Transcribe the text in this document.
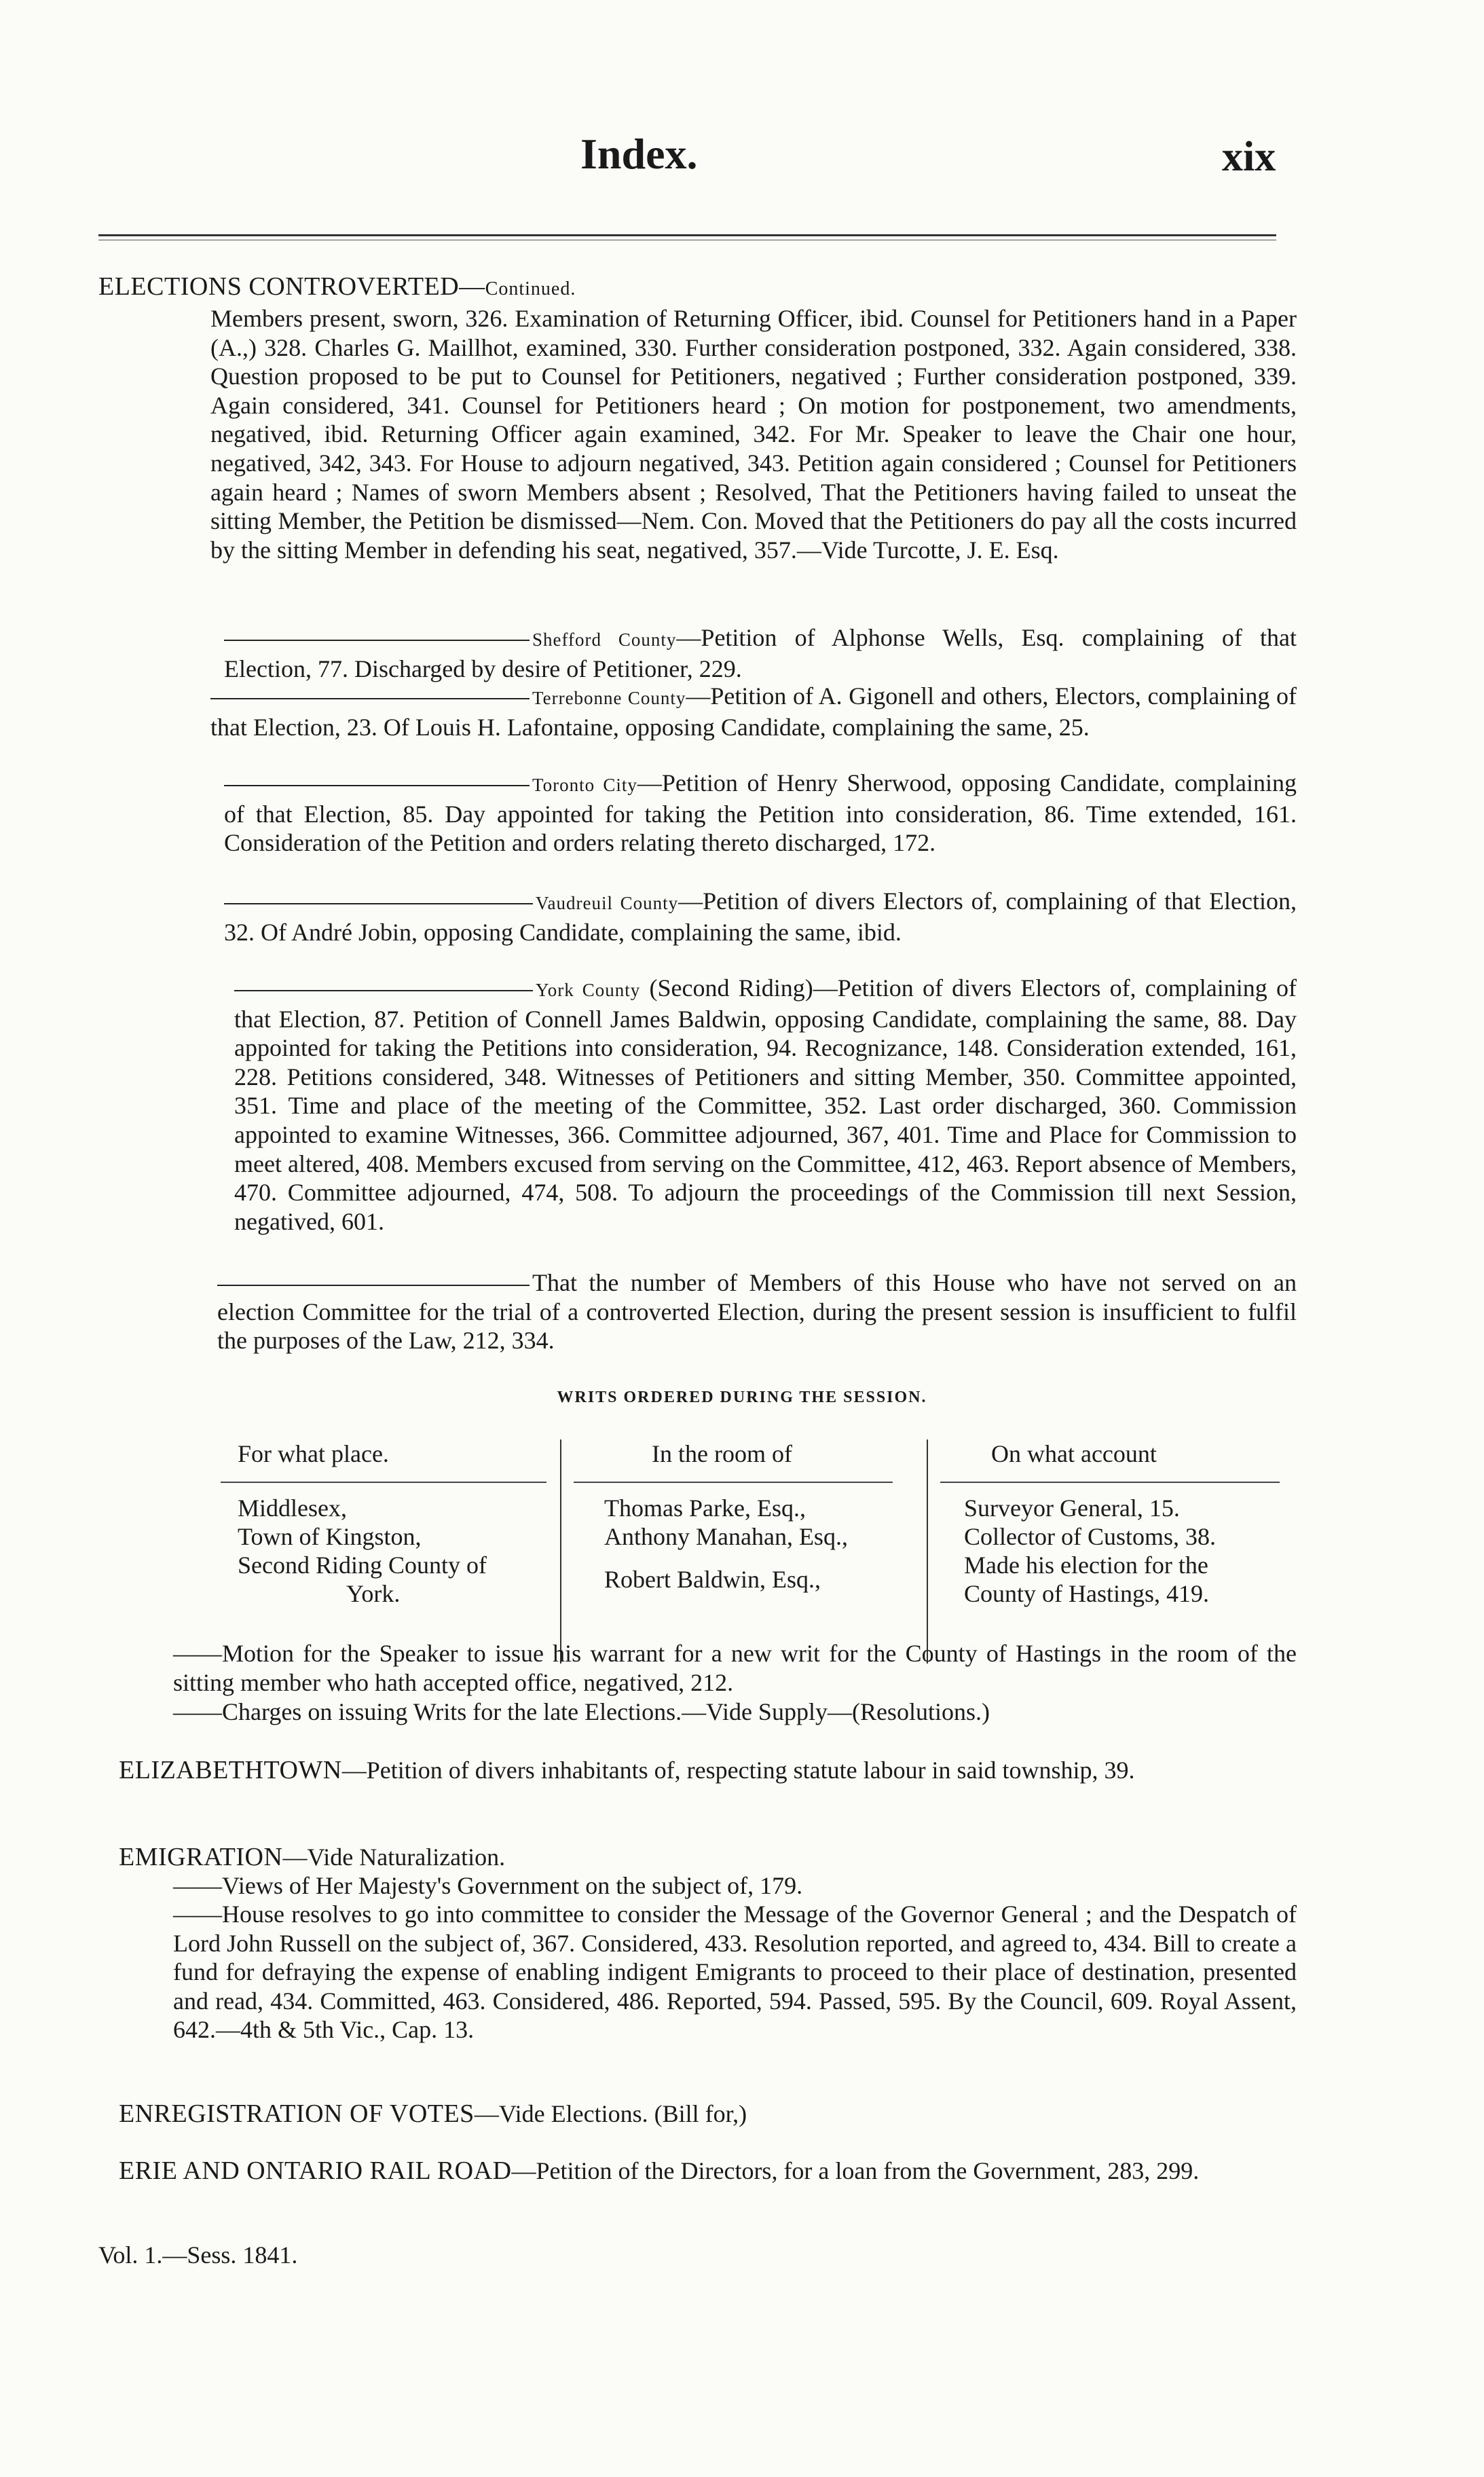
Index.	xix
ELECTIONS CONTROVERTED—Continued.
Members present, sworn, 326. Examination of Returning Officer, ibid. Counsel for Petitioners hand in a Paper (A.,) 328. Charles G. Maillhot, examined, 330. Further consideration postponed, 332. Again considered, 338. Question proposed to be put to Counsel for Petitioners, negatived ; Further consideration postponed, 339. Again considered, 341. Counsel for Petitioners heard ; On motion for postponement, two amendments, negatived, ibid. Returning Officer again examined, 342. For Mr. Speaker to leave the Chair one hour, negatived, 342, 343. For House to adjourn negatived, 343. Petition again considered ; Counsel for Petitioners again heard ; Names of sworn Members absent ; Resolved, That the Petitioners having failed to unseat the sitting Member, the Petition be dismissed—Nem. Con. Moved that the Petitioners do pay all the costs incurred by the sitting Member in defending his seat, negatived, 357.—Vide Turcotte, J. E. Esq.
Shefford County—Petition of Alphonse Wells, Esq. complaining of that Election, 77. Discharged by desire of Petitioner, 229.
Terrebonne County—Petition of A. Gigonell and others, Electors, complaining of that Election, 23. Of Louis H. Lafontaine, opposing Candidate, complaining the same, 25.
Toronto City—Petition of Henry Sherwood, opposing Candidate, complaining of that Election, 85. Day appointed for taking the Petition into consideration, 86. Time extended, 161. Consideration of the Petition and orders relating thereto discharged, 172.
Vaudreuil County—Petition of divers Electors of, complaining of that Election, 32. Of André Jobin, opposing Candidate, complaining the same, ibid.
York County (Second Riding)—Petition of divers Electors of, complaining of that Election, 87. Petition of Connell James Baldwin, opposing Candidate, complaining the same, 88. Day appointed for taking the Petitions into consideration, 94. Recognizance, 148. Consideration extended, 161, 228. Petitions considered, 348. Witnesses of Petitioners and sitting Member, 350. Committee appointed, 351. Time and place of the meeting of the Committee, 352. Last order discharged, 360. Commission appointed to examine Witnesses, 366. Committee adjourned, 367, 401. Time and Place for Commission to meet altered, 408. Members excused from serving on the Committee, 412, 463. Report absence of Members, 470. Committee adjourned, 474, 508. To adjourn the proceedings of the Commission till next Session, negatived, 601.
That the number of Members of this House who have not served on an election Committee for the trial of a controverted Election, during the present session is insufficient to fulfil the purposes of the Law, 212, 334.
WRITS ORDERED DURING THE SESSION.
For what place.
Middlesex,
Town of Kingston,
Second Riding County of
York.
In the room of
Thomas Parke, Esq.,
Anthony Manahan, Esq.,
Robert Baldwin, Esq.,
On what account
Surveyor General, 15.
Collector of Customs, 38.
Made his election for the
County of Hastings, 419.
——Motion for the Speaker to issue his warrant for a new writ for the County of Hastings in the room of the sitting member who hath accepted office, negatived, 212.
——Charges on issuing Writs for the late Elections.—Vide Supply—(Resolutions.)
ELIZABETHTOWN—Petition of divers inhabitants of, respecting statute labour in said township, 39.
EMIGRATION—Vide Naturalization.
——Views of Her Majesty's Government on the subject of, 179.
——House resolves to go into committee to consider the Message of the Governor General ; and the Despatch of Lord John Russell on the subject of, 367. Considered, 433. Resolution reported, and agreed to, 434. Bill to create a fund for defraying the expense of enabling indigent Emigrants to proceed to their place of destination, presented and read, 434. Committed, 463. Considered, 486. Reported, 594. Passed, 595. By the Council, 609. Royal Assent, 642.—4th & 5th Vic., Cap. 13.
ENREGISTRATION OF VOTES—Vide Elections. (Bill for,)
ERIE AND ONTARIO RAIL ROAD—Petition of the Directors, for a loan from the Government, 283, 299.
Vol. 1.—Sess. 1841.
